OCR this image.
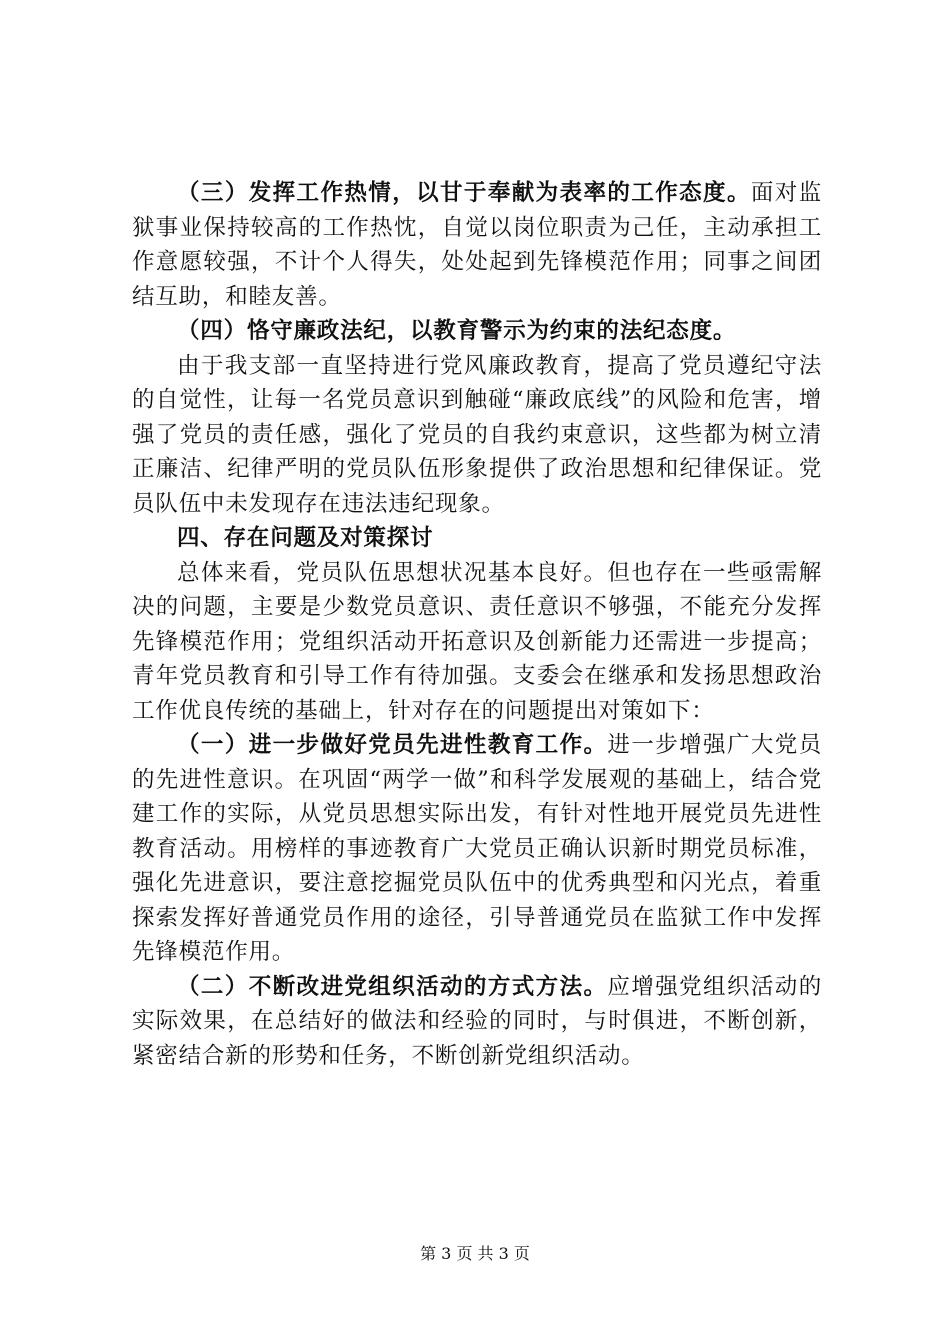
（三）发挥工作热情，以甘于奉献为表率的工作态度。面对监狱事业保持较高的工作热忱，自觉以岗位职责为己任，主动承担工作意愿较强，不计个人得失，处处起到先锋模范作用；同事之间团结互助，和睦友善。

（四）恪守廉政法纪，以教育警示为约束的法纪态度。

由于我支部一直坚持进行党风廉政教育，提高了党员遵纪守法的自觉性，让每一名党员意识到触碰“廉政底线”的风险和危害，增强了党员的责任感，强化了党员的自我约束意识，这些都为树立清正廉洁、纪律严明的党员队伍形象提供了政治思想和纪律保证。党员队伍中未发现存在违法违纪现象。

四、存在问题及对策探讨

总体来看，党员队伍思想状况基本良好。但也存在一些亟需解决的问题，主要是少数党员意识、责任意识不够强，不能充分发挥先锋模范作用；党组织活动开拓意识及创新能力还需进一步提高；青年党员教育和引导工作有待加强。支委会在继承和发扬思想政治工作优良传统的基础上，针对存在的问题提出对策如下：

（一）进一步做好党员先进性教育工作。进一步增强广大党员的先进性意识。在巩固“两学一做”和科学发展观的基础上，结合党建工作的实际，从党员思想实际出发，有针对性地开展党员先进性教育活动。用榜样的事迹教育广大党员正确认识新时期党员标准，强化先进意识，要注意挖掘党员队伍中的优秀典型和闪光点，着重探索发挥好普通党员作用的途径，引导普通党员在监狱工作中发挥先锋模范作用。

（二）不断改进党组织活动的方式方法。应增强党组织活动的实际效果，在总结好的做法和经验的同时，与时俱进，不断创新，紧密结合新的形势和任务，不断创新党组织活动。

第 3 页 共 3 页
